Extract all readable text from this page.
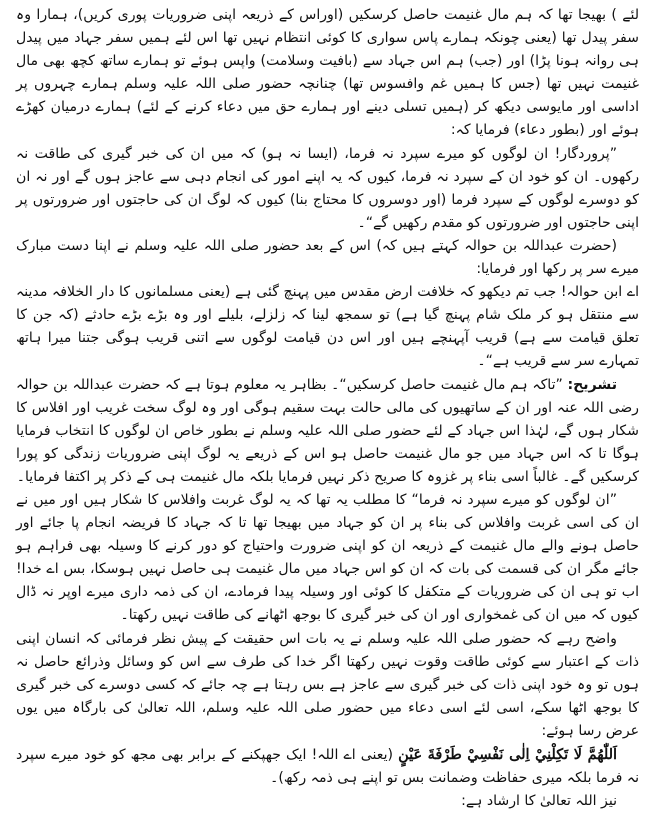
لئے ) بھیجا تھا کہ ہم مال غنیمت حاصل کرسکیں (اوراس کے ذریعہ اپنی ضروریات پوری کریں)، ہمارا وہ سفر پیدل تھا (یعنی چونکہ ہمارے پاس سواری کا کوئی انتظام نہیں تھا اس لئے ہمیں سفر جہاد میں پیدل ہی روانہ ہونا پڑا) اور (جب) ہم اس جہاد سے (بافیت وسلامت) واپس ہوئے تو ہمارے ساتھ کچھ بھی مال غنیمت نہیں تھا (جس کا ہمیں غم وافسوس تھا) چنانچہ حضور صلی اللہ علیہ وسلم ہمارے چہروں پر اداسی اور مایوسی دیکھ کر (ہمیں تسلی دینے اور ہمارے حق میں دعاء کرنے کے لئے) ہمارے درمیان کھڑے ہوئے اور (بطور دعاء) فرمایا کہ:

”پروردگار! ان لوگوں کو میرے سپرد نہ فرما، (ایسا نہ ہو) کہ میں ان کی خبر گیری کی طاقت نہ رکھوں۔ ان کو خود ان کے سپرد نہ فرما، کیوں کہ یہ اپنے امور کی انجام دہی سے عاجز ہوں گے اور نہ ان کو دوسرے لوگوں کے سپرد فرما (اور دوسروں کا محتاج بنا) کیوں کہ لوگ ان کی حاجتوں اور ضرورتوں پر اپنی حاجتوں اور ضرورتوں کو مقدم رکھیں گے“۔

(حضرت عبداللہ بن حوالہ کہتے ہیں کہ) اس کے بعد حضور صلی اللہ علیہ وسلم نے اپنا دست مبارک میرے سر پر رکھا اور فرمایا:

اے ابن حوالہ! جب تم دیکھو کہ خلافت ارض مقدس میں پہنچ گئی ہے (یعنی مسلمانوں کا دار الخلافہ مدینہ سے منتقل ہو کر ملک شام پہنچ گیا ہے) تو سمجھ لینا کہ زلزلے، بلیلے اور وہ بڑے بڑے حادثے (کہ جن کا تعلق قیامت سے ہے) قریب آپہنچے ہیں اور اس دن قیامت لوگوں سے اتنی قریب ہوگی جتنا میرا ہاتھ تمہارے سر سے قریب ہے“۔

تشریح: ”تاکہ ہم مال غنیمت حاصل کرسکیں“۔ بظاہر یہ معلوم ہوتا ہے کہ حضرت عبداللہ بن حوالہ رضی اللہ عنہ اور ان کے ساتھیوں کی مالی حالت بہت سقیم ہوگی اور وہ لوگ سخت غریب اور افلاس کا شکار ہوں گے، لہٰذا اس جہاد کے لئے حضور صلی اللہ علیہ وسلم نے بطور خاص ان لوگوں کا انتخاب فرمایا ہوگا تا کہ اس جہاد میں جو مال غنیمت حاصل ہو اس کے ذریعے یہ لوگ اپنی ضروریات زندگی کو پورا کرسکیں گے۔ غالباً اسی بناء پر غزوہ کا صریح ذکر نہیں فرمایا بلکہ مال غنیمت ہی کے ذکر پر اکتفا فرمایا۔

”ان لوگوں کو میرے سپرد نہ فرما“ کا مطلب یہ تھا کہ یہ لوگ غربت وافلاس کا شکار ہیں اور میں نے ان کی اسی غربت وافلاس کی بناء پر ان کو جہاد میں بھیجا تھا تا کہ جہاد کا فریضہ انجام پا جائے اور حاصل ہونے والے مال غنیمت کے ذریعہ ان کو اپنی ضرورت واحتیاج کو دور کرنے کا وسیلہ بھی فراہم ہو جائے مگر ان کی قسمت کی بات کہ ان کو اس جہاد میں مال غنیمت ہی حاصل نہیں ہوسکا، بس اے خدا! اب تو ہی ان کی ضروریات کے متکفل کا کوئی اور وسیلہ پیدا فرمادے، ان کی ذمہ داری میرے اوپر نہ ڈال کیوں کہ میں ان کی غمخواری اور ان کی خبر گیری کا بوجھ اٹھانے کی طاقت نہیں رکھتا۔

واضح رہے کہ حضور صلی اللہ علیہ وسلم نے یہ بات اس حقیقت کے پیش نظر فرمائی کہ انسان اپنی ذات کے اعتبار سے کوئی طاقت وقوت نہیں رکھتا اگر خدا کی طرف سے اس کو وسائل وذرائع حاصل نہ ہوں تو وہ خود اپنی ذات کی خبر گیری سے عاجز ہے بس رہتا ہے چہ جائے کہ کسی دوسرے کی خبر گیری کا بوجھ اٹھا سکے، اسی لئے اسی دعاء میں حضور صلی اللہ علیہ وسلم، اللہ تعالیٰ کی بارگاہ میں یوں عرض رسا ہوئے:

اَللّٰهُمَّ لَا تَكِلْنِيْ اِلٰى نَفْسِيْ طَرْفَةَ عَيْنٍ (یعنی اے اللہ! ایک جھپکنے کے برابر بھی مجھ کو خود میرے سپرد نہ فرما بلکہ میری حفاظت وضمانت بس تو اپنے ہی ذمہ رکھ)۔

نیز اللہ تعالیٰ کا ارشاد ہے:
